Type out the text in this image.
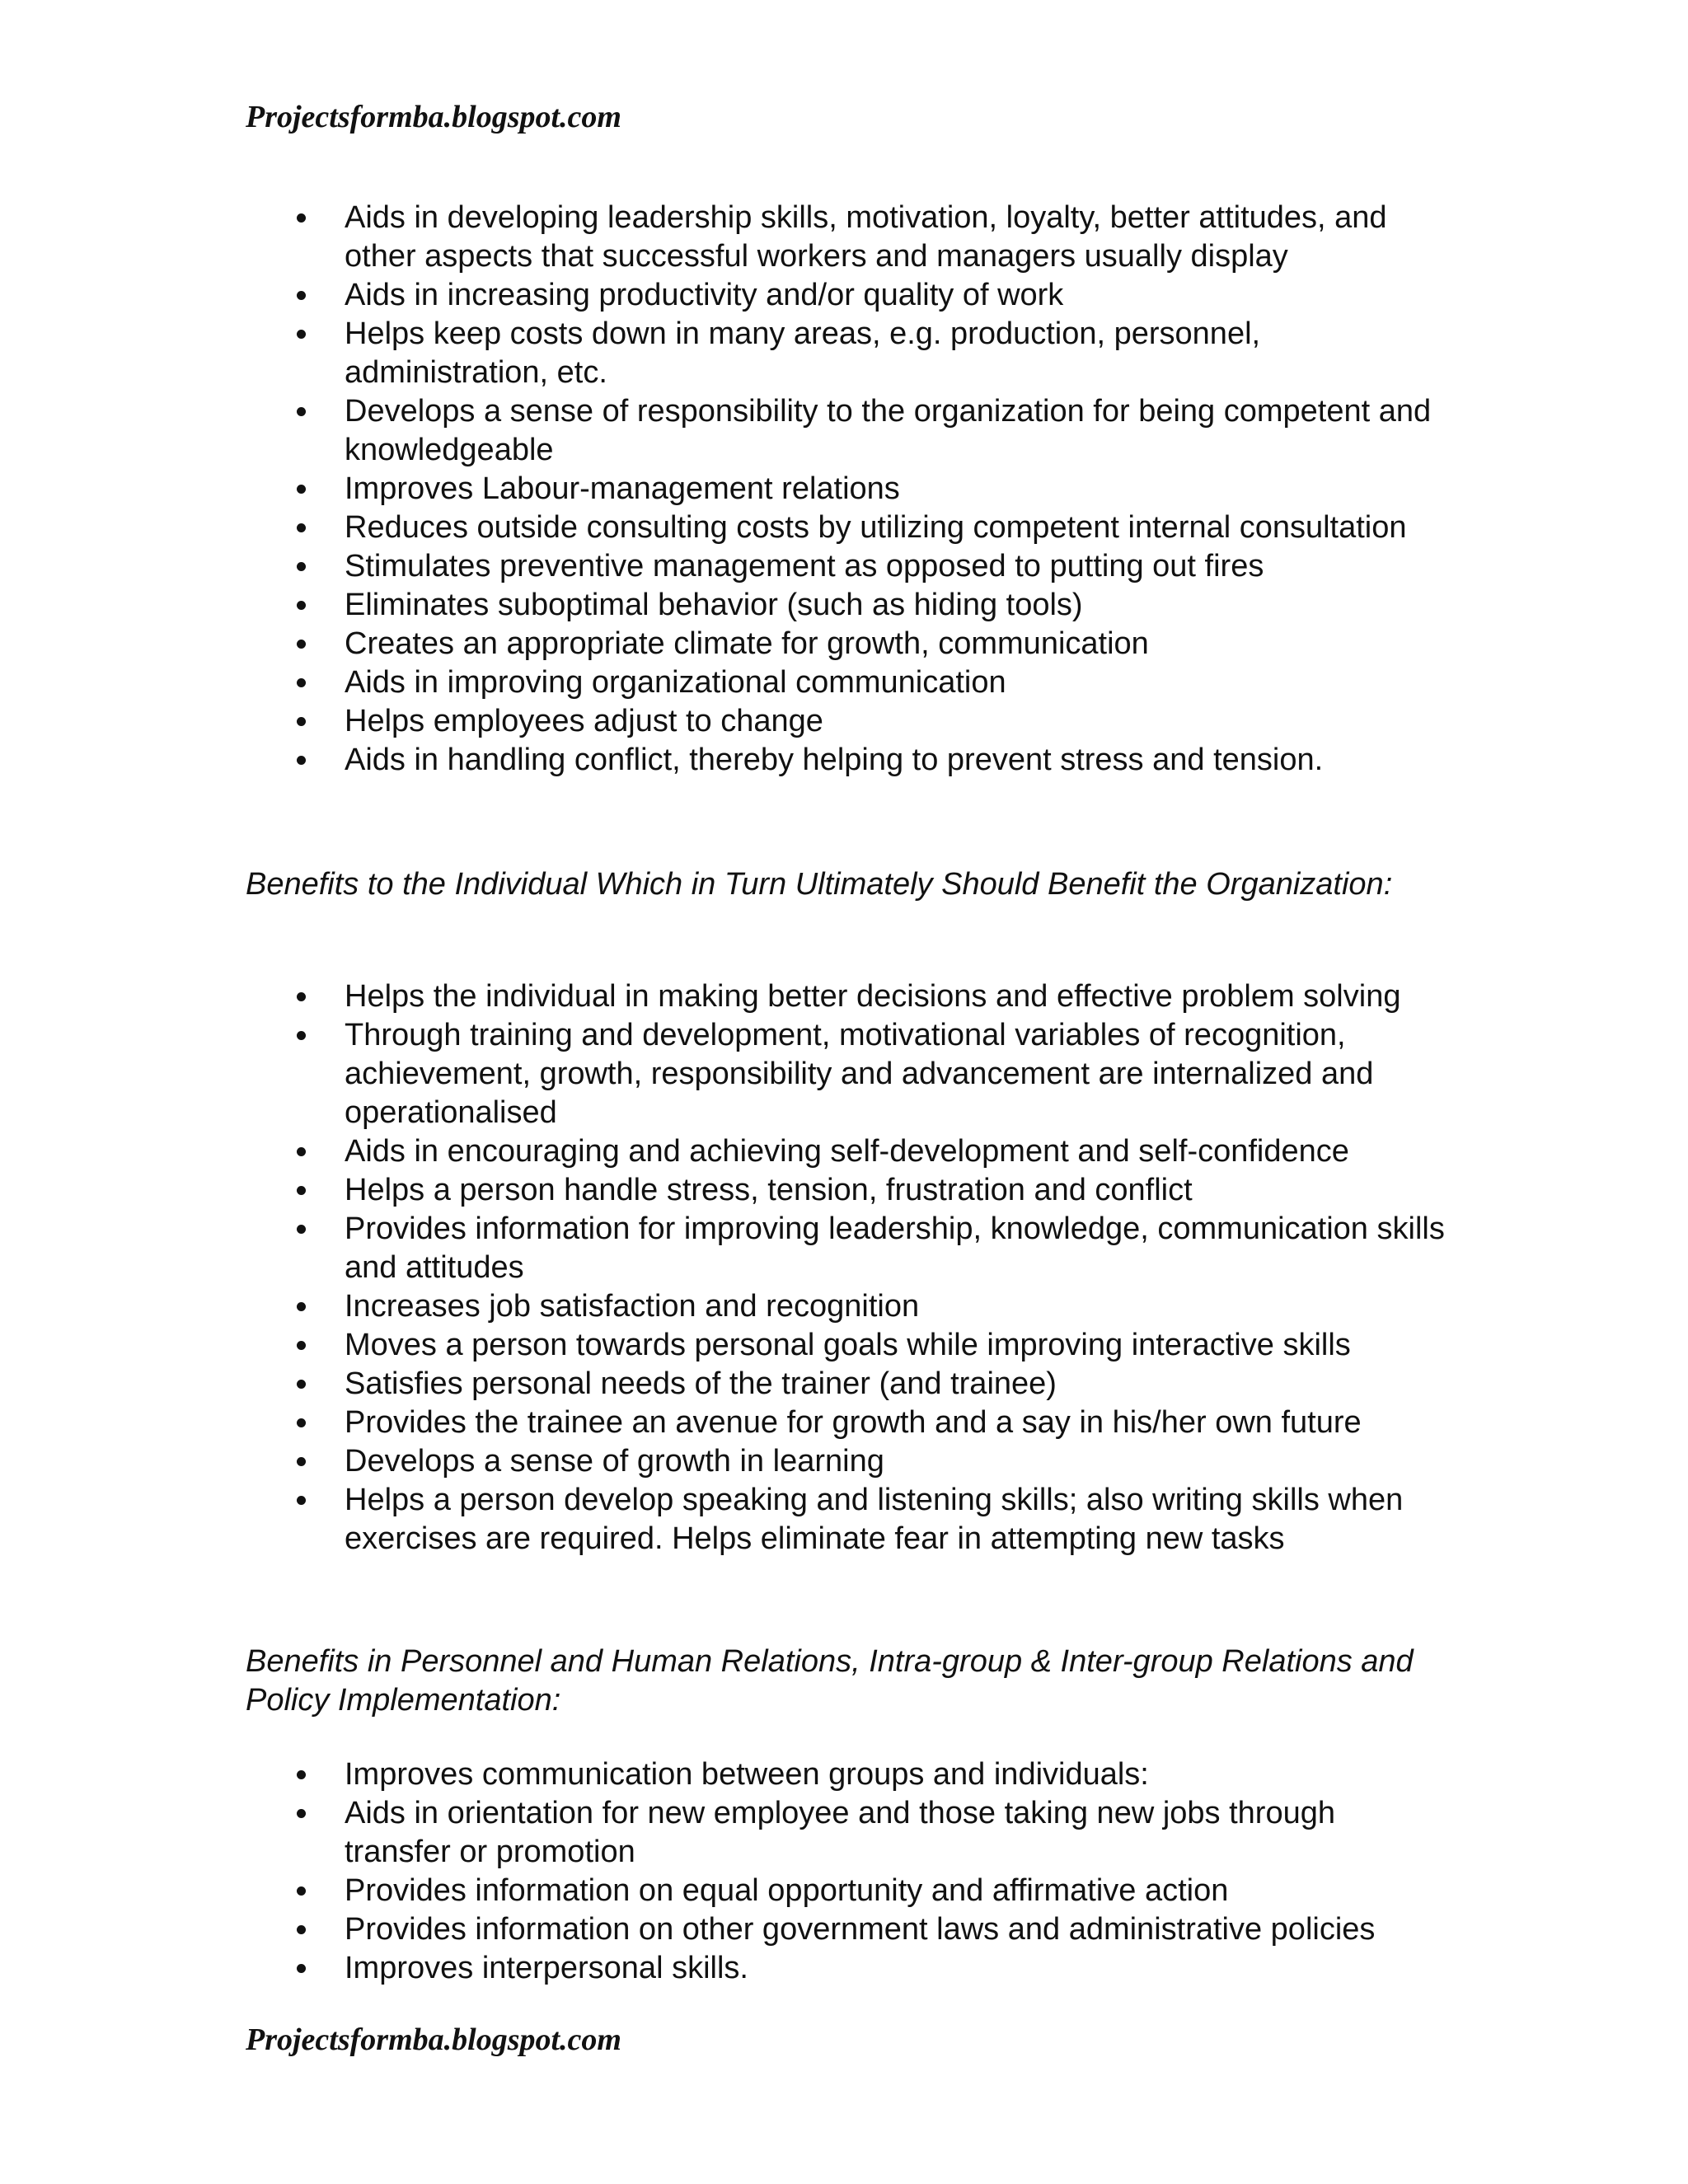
Projectsformba.blogspot.com
Aids in developing leadership skills, motivation, loyalty, better attitudes, and other aspects that successful workers and managers usually display
Aids in increasing productivity and/or quality of work
Helps keep costs down in many areas, e.g. production, personnel, administration, etc.
Develops a sense of responsibility to the organization for being competent and knowledgeable
Improves Labour-management relations
Reduces outside consulting costs by utilizing competent internal consultation
Stimulates preventive management as opposed to putting out fires
Eliminates suboptimal behavior (such as hiding tools)
Creates an appropriate climate for growth, communication
Aids in improving organizational communication
Helps employees adjust to change
Aids in handling conflict, thereby helping to prevent stress and tension.

Benefits to the Individual Which in Turn Ultimately Should Benefit the Organization:

Helps the individual in making better decisions and effective problem solving
Through training and development, motivational variables of recognition, achievement, growth, responsibility and advancement are internalized and operationalised
Aids in encouraging and achieving self-development and self-confidence
Helps a person handle stress, tension, frustration and conflict
Provides information for improving leadership, knowledge, communication skills and attitudes
Increases job satisfaction and recognition
Moves a person towards personal goals while improving interactive skills
Satisfies personal needs of the trainer (and trainee)
Provides the trainee an avenue for growth and a say in his/her own future
Develops a sense of growth in learning
Helps a person develop speaking and listening skills; also writing skills when exercises are required. Helps eliminate fear in attempting new tasks

Benefits in Personnel and Human Relations, Intra-group & Inter-group Relations and Policy Implementation:

Improves communication between groups and individuals:
Aids in orientation for new employee and those taking new jobs through transfer or promotion
Provides information on equal opportunity and affirmative action
Provides information on other government laws and administrative policies
Improves interpersonal skills.
Projectsformba.blogspot.com
